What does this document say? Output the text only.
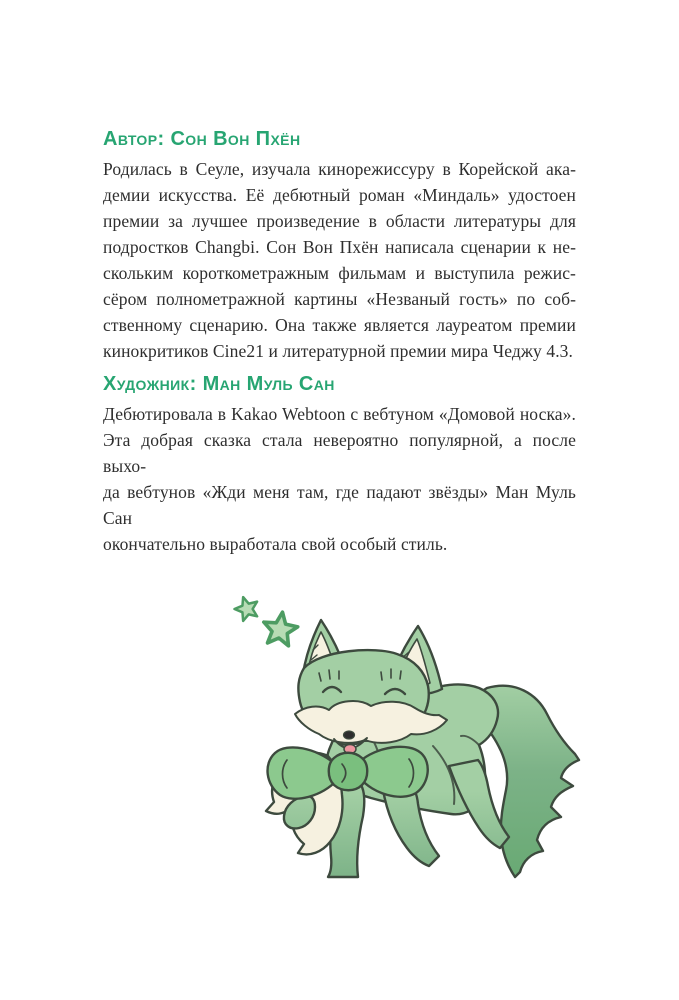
Автор: Сон Вон Пхён
Родилась в Сеуле, изучала кинорежиссуру в Корейской ака-
демии искусства. Её дебютный роман «Миндаль» удостоен
премии за лучшее произведение в области литературы для
подростков Changbi. Сон Вон Пхён написала сценарии к не-
скольким короткометражным фильмам и выступила режис-
сёром полнометражной картины «Незваный гость» по соб-
ственному сценарию. Она также является лауреатом премии
кинокритиков Cine21 и литературной премии мира Чеджу 4.3.
Художник: Ман Муль Сан
Дебютировала в Kakao Webtoon с вебтуном «Домовой носка».
Эта добрая сказка стала невероятно популярной, а после выхо-
да вебтунов «Жди меня там, где падают звёзды» Ман Муль Сан
окончательно выработала свой особый стиль.
